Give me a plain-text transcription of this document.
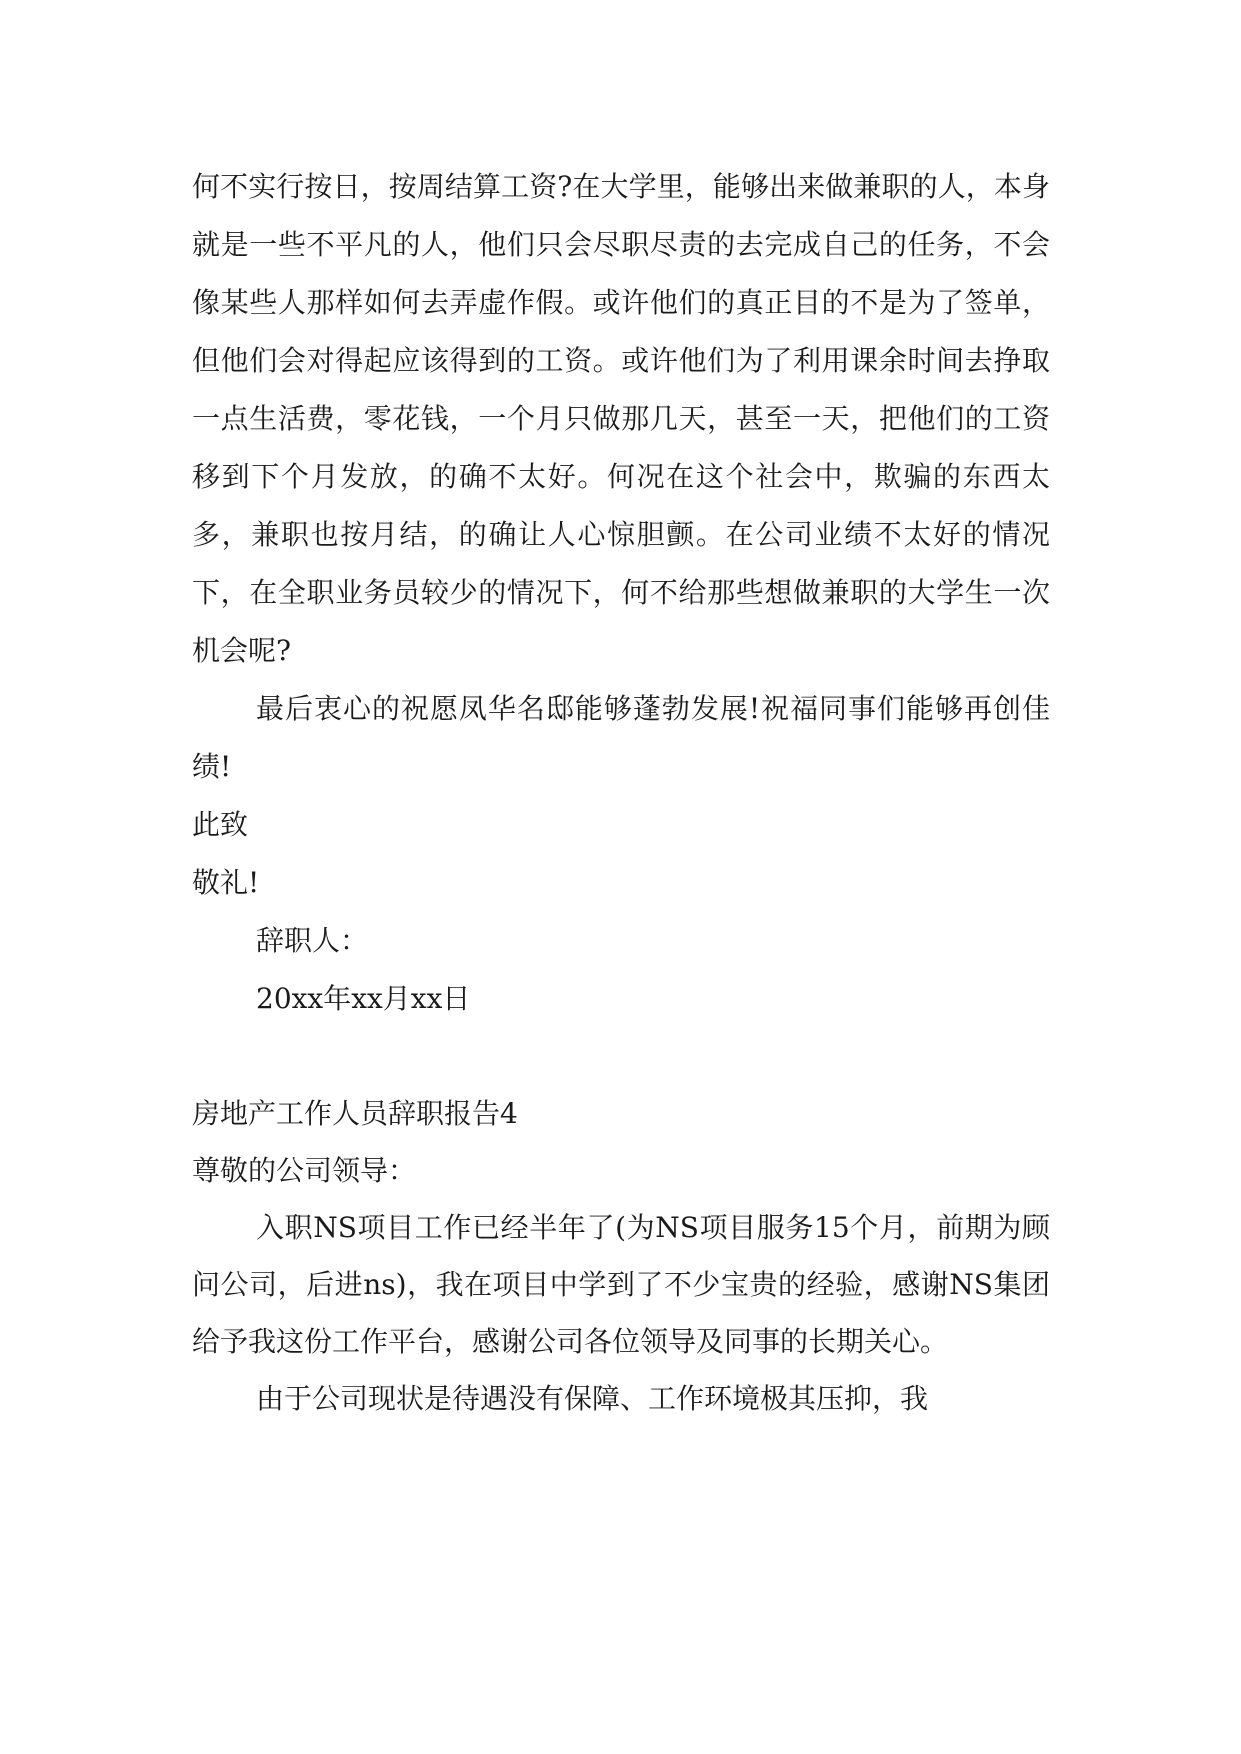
何不实行按日，按周结算工资?在大学里，能够出来做兼职的人，本身就是一些不平凡的人，他们只会尽职尽责的去完成自己的任务，不会像某些人那样如何去弄虚作假。或许他们的真正目的不是为了签单，但他们会对得起应该得到的工资。或许他们为了利用课余时间去挣取一点生活费，零花钱，一个月只做那几天，甚至一天，把他们的工资移到下个月发放，的确不太好。何况在这个社会中，欺骗的东西太多，兼职也按月结，的确让人心惊胆颤。在公司业绩不太好的情况下，在全职业务员较少的情况下，何不给那些想做兼职的大学生一次机会呢?

最后衷心的祝愿凤华名邸能够蓬勃发展!祝福同事们能够再创佳绩!

此致

敬礼!

辞职人：

20xx年xx月xx日

房地产工作人员辞职报告4

尊敬的公司领导：

入职NS项目工作已经半年了(为NS项目服务15个月，前期为顾问公司，后进ns)，我在项目中学到了不少宝贵的经验，感谢NS集团给予我这份工作平台，感谢公司各位领导及同事的长期关心。

由于公司现状是待遇没有保障、工作环境极其压抑，我
